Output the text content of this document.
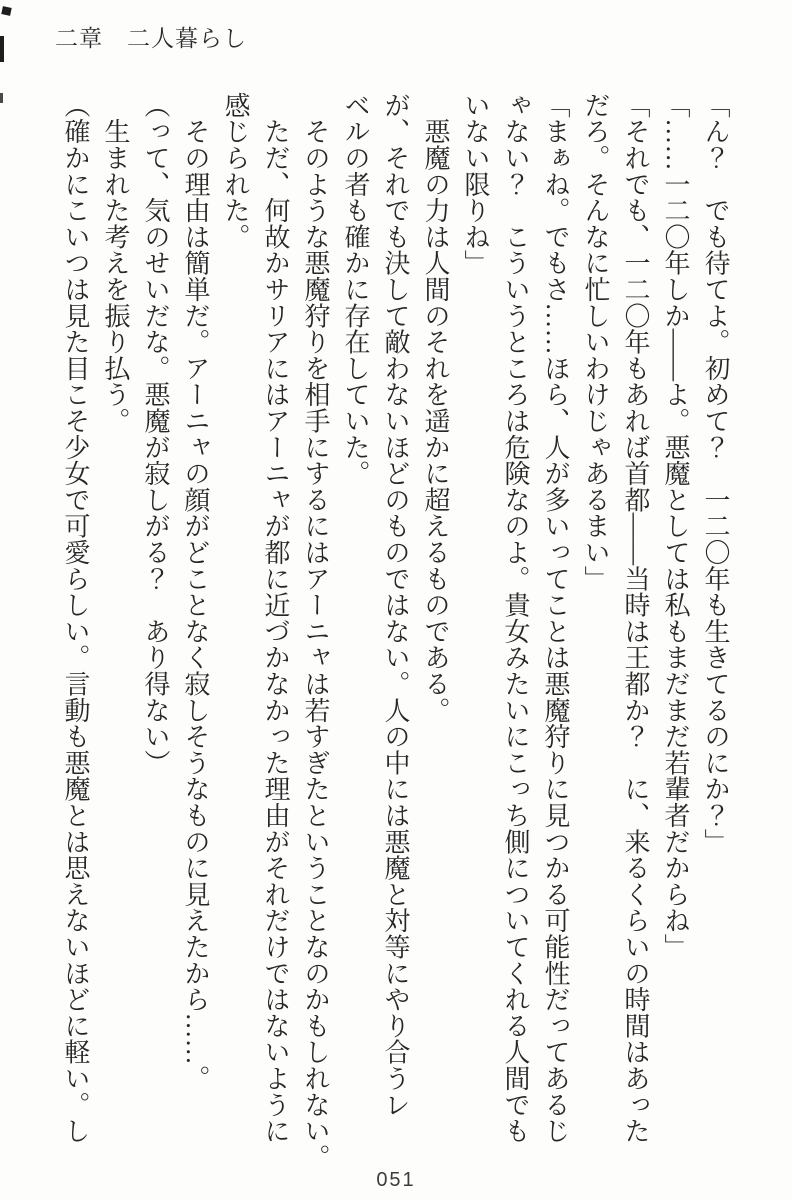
二章　二人暮らし

「ん？　でも待てよ。初めて？　一二〇年も生きてるのにか？」

「……一二〇年しか――よ。悪魔としては私もまだまだ若輩者だからね」

「それでも、一二〇年もあれば首都――当時は王都か？　に、来るくらいの時間はあった

だろ。そんなに忙しいわけじゃあるまい」

「まぁね。でもさ……ほら、人が多いってことは悪魔狩りに見つかる可能性だってあるじ

ゃない？　こういうところは危険なのよ。貴女みたいにこっち側についてくれる人間でも

いない限りね」

　悪魔の力は人間のそれを遥かに超えるものである。

が、それでも決して敵わないほどのものではない。人の中には悪魔と対等にやり合うレ

ベルの者も確かに存在していた。

　そのような悪魔狩りを相手にするにはアーニャは若すぎたということなのかもしれない。

　ただ、何故かサリアにはアーニャが都に近づかなかった理由がそれだけではないように

感じられた。

　その理由は簡単だ。アーニャの顔がどことなく寂しそうなものに見えたから……。

（って、気のせいだな。悪魔が寂しがる？　あり得ない）

　生まれた考えを振り払う。

（確かにこいつは見た目こそ少女で可愛らしい。言動も悪魔とは思えないほどに軽い。し

051
